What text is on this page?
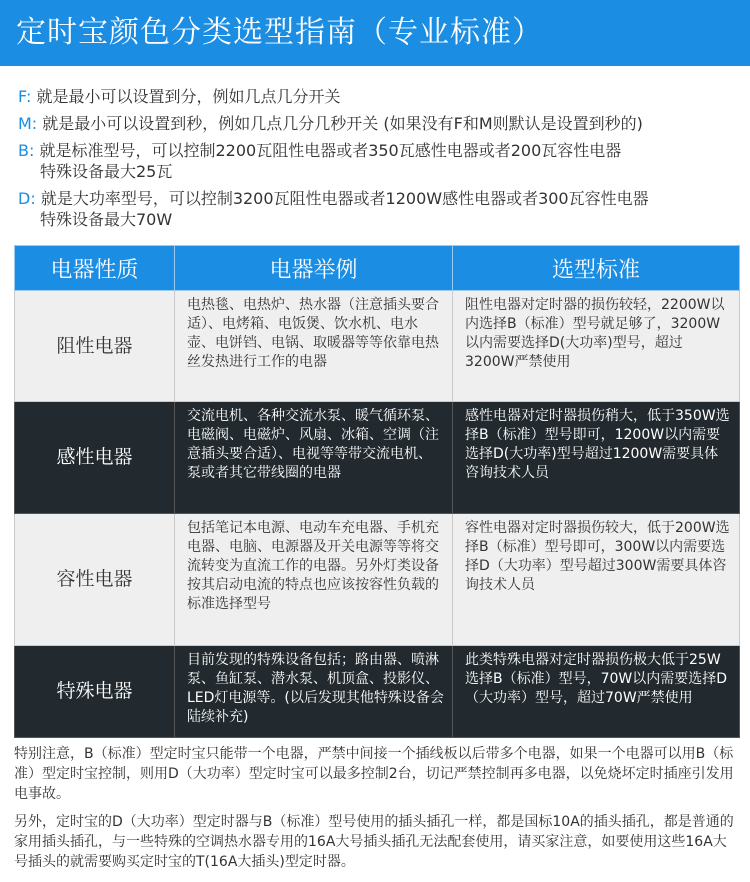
定时宝颜色分类选型指南（专业标准）
F: 就是最小可以设置到分，例如几点几分开关
M: 就是最小可以设置到秒，例如几点几分几秒开关 (如果没有F和M则默认是设置到秒的)
B: 就是标准型号，可以控制2200瓦阻性电器或者350瓦感性电器或者200瓦容性电器
特殊设备最大25瓦
D: 就是大功率型号，可以控制3200瓦阻性电器或者1200W感性电器或者300瓦容性电器
特殊设备最大70W
电器性质	电器举例	选型标准
阻性电器	电热毯、电热炉、热水器（注意插头要合适）、电烤箱、电饭煲、饮水机、电水壶、电饼铛、电锅、取暖器等等依靠电热丝发热进行工作的电器	阻性电器对定时器的损伤较轻，2200W以内选择B（标准）型号就足够了，3200W以内需要选择D(大功率)型号，超过3200W严禁使用
感性电器	交流电机、各种交流水泵、暖气循环泵、电磁阀、电磁炉、风扇、冰箱、空调（注意插头要合适）、电视等等带交流电机、泵或者其它带线圈的电器	感性电器对定时器损伤稍大，低于350W选择B（标准）型号即可，1200W以内需要选择D(大功率)型号超过1200W需要具体咨询技术人员
容性电器	包括笔记本电源、电动车充电器、手机充电器、电脑、电源器及开关电源等等将交流转变为直流工作的电器。另外灯类设备按其启动电流的特点也应该按容性负载的标准选择型号	容性电器对定时器损伤较大，低于200W选择B（标准）型号即可，300W以内需要选择D（大功率）型号超过300W需要具体咨询技术人员
特殊电器	目前发现的特殊设备包括；路由器、喷淋泵、鱼缸泵、潜水泵、机顶盒、投影仪、LED灯电源等。(以后发现其他特殊设备会陆续补充)	此类特殊电器对定时器损伤极大低于25W选择B（标准）型号，70W以内需要选择D（大功率）型号，超过70W严禁使用

特别注意，B（标准）型定时宝只能带一个电器，严禁中间接一个插线板以后带多个电器，如果一个电器可以用B（标准）型定时宝控制，则用D（大功率）型定时宝可以最多控制2台，切记严禁控制再多电器，以免烧坏定时插座引发用电事故。

另外，定时宝的D（大功率）型定时器与B（标准）型号使用的插头插孔一样，都是国标10A的插头插孔，都是普通的家用插头插孔，与一些特殊的空调热水器专用的16A大号插头插孔无法配套使用，请买家注意，如要使用这些16A大号插头的就需要购买定时宝的T(16A大插头)型定时器。
